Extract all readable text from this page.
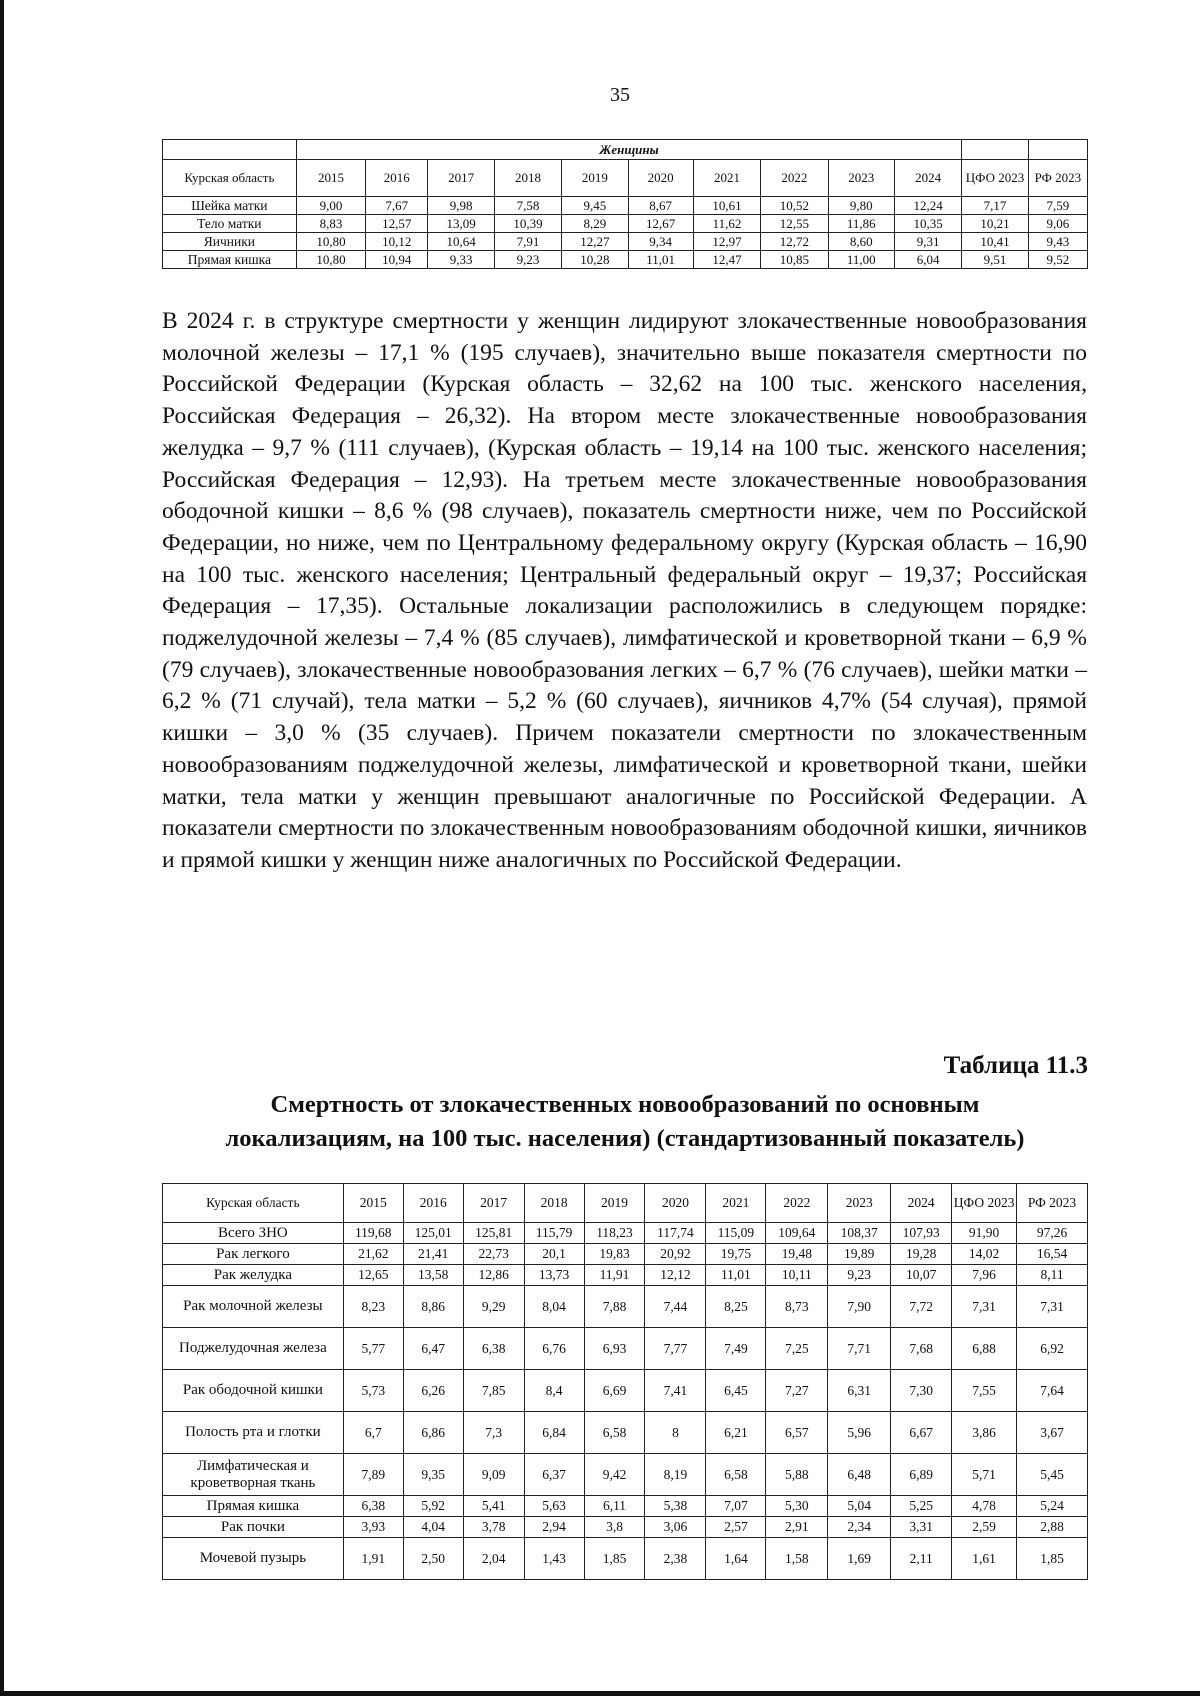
35
	Женщины											
Курская область	2015	2016	2017	2018	2019	2020	2021	2022	2023	2024	ЦФО 2023	РФ 2023
Шейка матки	9,00	7,67	9,98	7,58	9,45	8,67	10,61	10,52	9,80	12,24	7,17	7,59
Тело матки	8,83	12,57	13,09	10,39	8,29	12,67	11,62	12,55	11,86	10,35	10,21	9,06
Яичники	10,80	10,12	10,64	7,91	12,27	9,34	12,97	12,72	8,60	9,31	10,41	9,43
Прямая кишка	10,80	10,94	9,33	9,23	10,28	11,01	12,47	10,85	11,00	6,04	9,51	9,52

В 2024 г. в структуре смертности у женщин лидируют злокачественные новообразования молочной железы – 17,1 % (195 случаев), значительно выше показателя смертности по Российской Федерации (Курская область – 32,62 на 100 тыс. женского населения, Российская Федерация – 26,32). На втором месте злокачественные новообразования желудка – 9,7 % (111 случаев), (Курская область – 19,14 на 100 тыс. женского населения; Российская Федерация – 12,93). На третьем месте злокачественные новообразования ободочной кишки – 8,6 % (98 случаев), показатель смертности ниже, чем по Российской Федерации, но ниже, чем по Центральному федеральному округу (Курская область – 16,90 на 100 тыс. женского населения; Центральный федеральный округ – 19,37; Российская Федерация – 17,35). Остальные локализации расположились в следующем порядке: поджелудочной железы – 7,4 % (85 случаев), лимфатической и кроветворной ткани – 6,9 % (79 случаев), злокачественные новообразования легких – 6,7 % (76 случаев), шейки матки – 6,2 % (71 случай), тела матки – 5,2 % (60 случаев), яичников 4,7% (54 случая), прямой кишки – 3,0 % (35 случаев). Причем показатели смертности по злокачественным новообразованиям поджелудочной железы, лимфатической и кроветворной ткани, шейки матки, тела матки у женщин превышают аналогичные по Российской Федерации. А показатели смертности по злокачественным новообразованиям ободочной кишки, яичников и прямой кишки у женщин ниже аналогичных по Российской Федерации.

Таблица 11.3
Смертность от злокачественных новообразований по основным
локализациям, на 100 тыс. населения) (стандартизованный показатель)
Курская область	2015	2016	2017	2018	2019	2020	2021	2022	2023	2024	ЦФО 2023	РФ 2023
Всего ЗНО	119,68	125,01	125,81	115,79	118,23	117,74	115,09	109,64	108,37	107,93	91,90	97,26
Рак легкого	21,62	21,41	22,73	20,1	19,83	20,92	19,75	19,48	19,89	19,28	14,02	16,54
Рак желудка	12,65	13,58	12,86	13,73	11,91	12,12	11,01	10,11	9,23	10,07	7,96	8,11
Рак молочной железы	8,23	8,86	9,29	8,04	7,88	7,44	8,25	8,73	7,90	7,72	7,31	7,31
Поджелудочная железа	5,77	6,47	6,38	6,76	6,93	7,77	7,49	7,25	7,71	7,68	6,88	6,92
Рак ободочной кишки	5,73	6,26	7,85	8,4	6,69	7,41	6,45	7,27	6,31	7,30	7,55	7,64
Полость рта и глотки	6,7	6,86	7,3	6,84	6,58	8	6,21	6,57	5,96	6,67	3,86	3,67
Лимфатическая и кроветворная ткань	7,89	9,35	9,09	6,37	9,42	8,19	6,58	5,88	6,48	6,89	5,71	5,45
Прямая кишка	6,38	5,92	5,41	5,63	6,11	5,38	7,07	5,30	5,04	5,25	4,78	5,24
Рак почки	3,93	4,04	3,78	2,94	3,8	3,06	2,57	2,91	2,34	3,31	2,59	2,88
Мочевой пузырь	1,91	2,50	2,04	1,43	1,85	2,38	1,64	1,58	1,69	2,11	1,61	1,85
